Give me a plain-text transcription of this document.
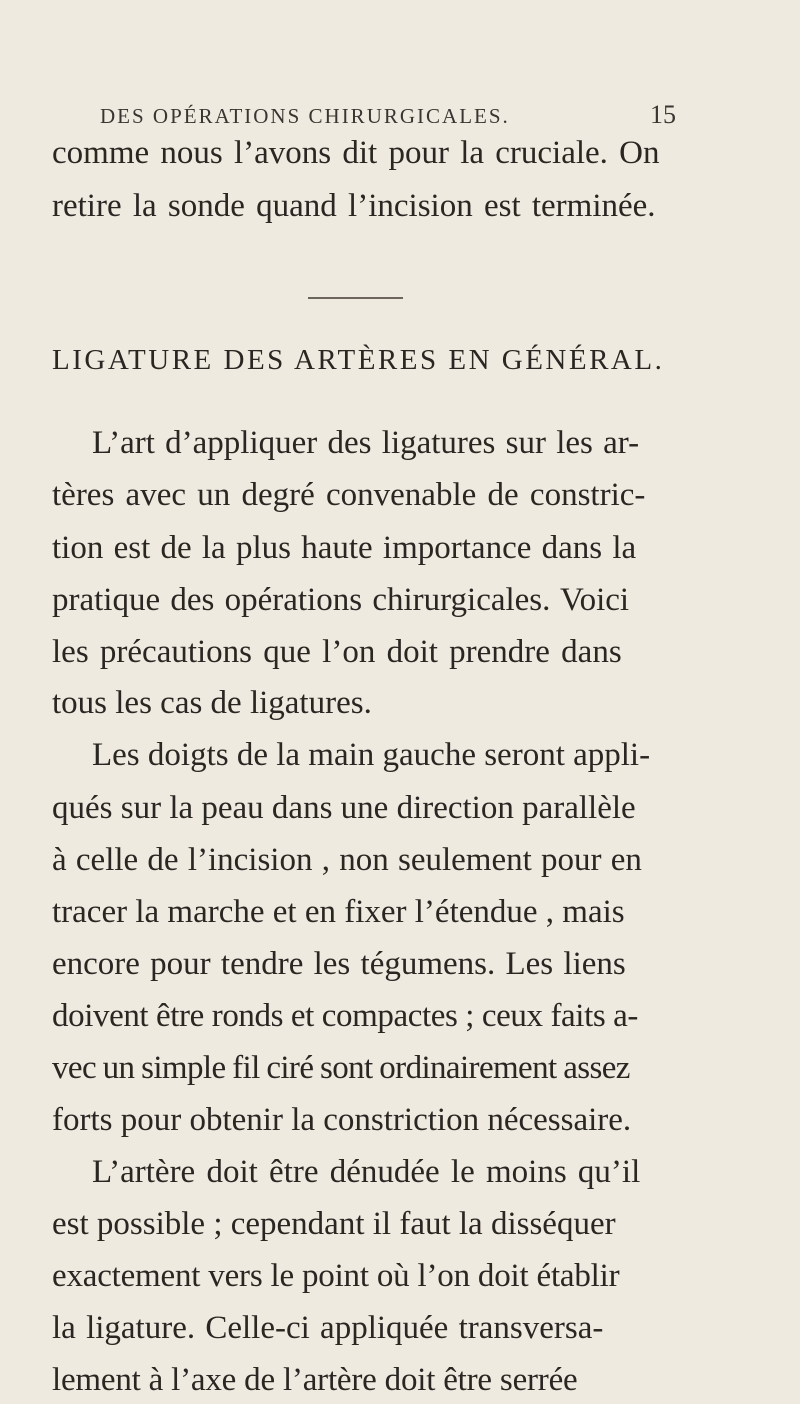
DES OPÉRATIONS CHIRURGICALES.	15
comme nous l’avons dit pour la cruciale. On
retire la sonde quand l’incision est terminée.
LIGATURE DES ARTÈRES EN GÉNÉRAL.
L’art d’appliquer des ligatures sur les ar-
tères avec un degré convenable de constric-
tion est de la plus haute importance dans la
pratique des opérations chirurgicales. Voici
les précautions que l’on doit prendre dans
tous les cas de ligatures.
Les doigts de la main gauche seront appli-
qués sur la peau dans une direction parallèle
à celle de l’incision , non seulement pour en
tracer la marche et en fixer l’étendue , mais
encore pour tendre les tégumens. Les liens
doivent être ronds et compactes ; ceux faits a-
vec un simple fil ciré sont ordinairement assez
forts pour obtenir la constriction nécessaire.
L’artère doit être dénudée le moins qu’il
est possible ; cependant il faut la disséquer
exactement vers le point où l’on doit établir
la ligature. Celle-ci appliquée transversa-
lement à l’axe de l’artère doit être serrée
